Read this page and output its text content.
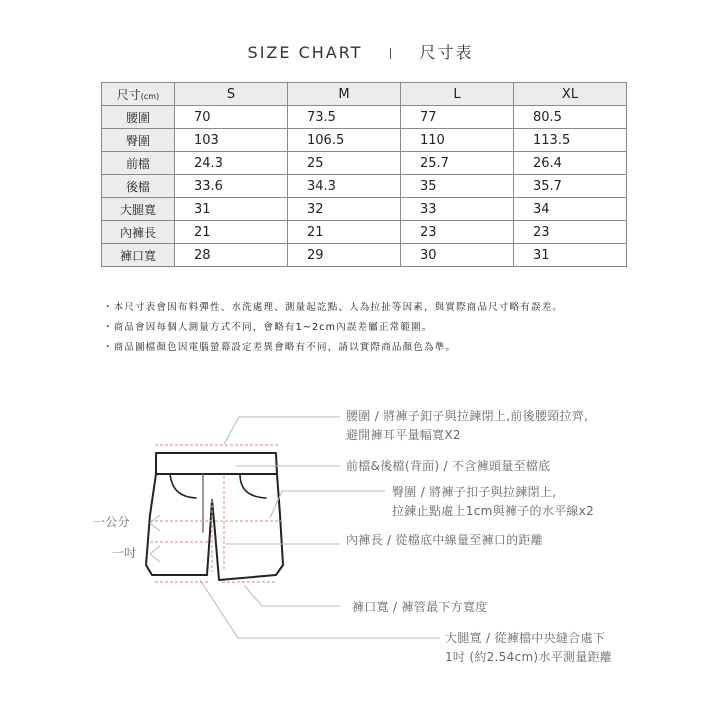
SIZE CHART	尺寸表
尺寸(cm)	S	M	L	XL
腰圍	70	73.5	77	80.5
臀圍	103	106.5	110	113.5
前檔	24.3	25	25.7	26.4
後檔	33.6	34.3	35	35.7
大腿寬	31	32	33	34
內褲長	21	21	23	23
褲口寬	28	29	30	31
・本尺寸表會因布料彈性、水洗處理、測量起訖點、人為拉扯等因素，與實際商品尺寸略有誤差。
・商品會因每個人測量方式不同，會略有1~2cm內誤差屬正常範圍。
・商品圖檔顏色因電腦螢幕設定差異會略有不同，請以實際商品顏色為準。
一公分
一吋
腰圍 / 將褲子釦子與拉鍊閉上,前後腰頸拉齊,
避開褲耳平量幅寬X2
前檔&後檔(背面) / 不含褲頭量至檔底
臀圍 / 將褲子扣子與拉鍊閉上,
拉鍊止點處上1cm與褲子的水平線x2
內褲長 / 從檔底中線量至褲口的距離
褲口寬 / 褲管最下方寬度
大腿寬 / 從褲檔中央縫合處下
1吋 (約2.54cm)水平測量距離
